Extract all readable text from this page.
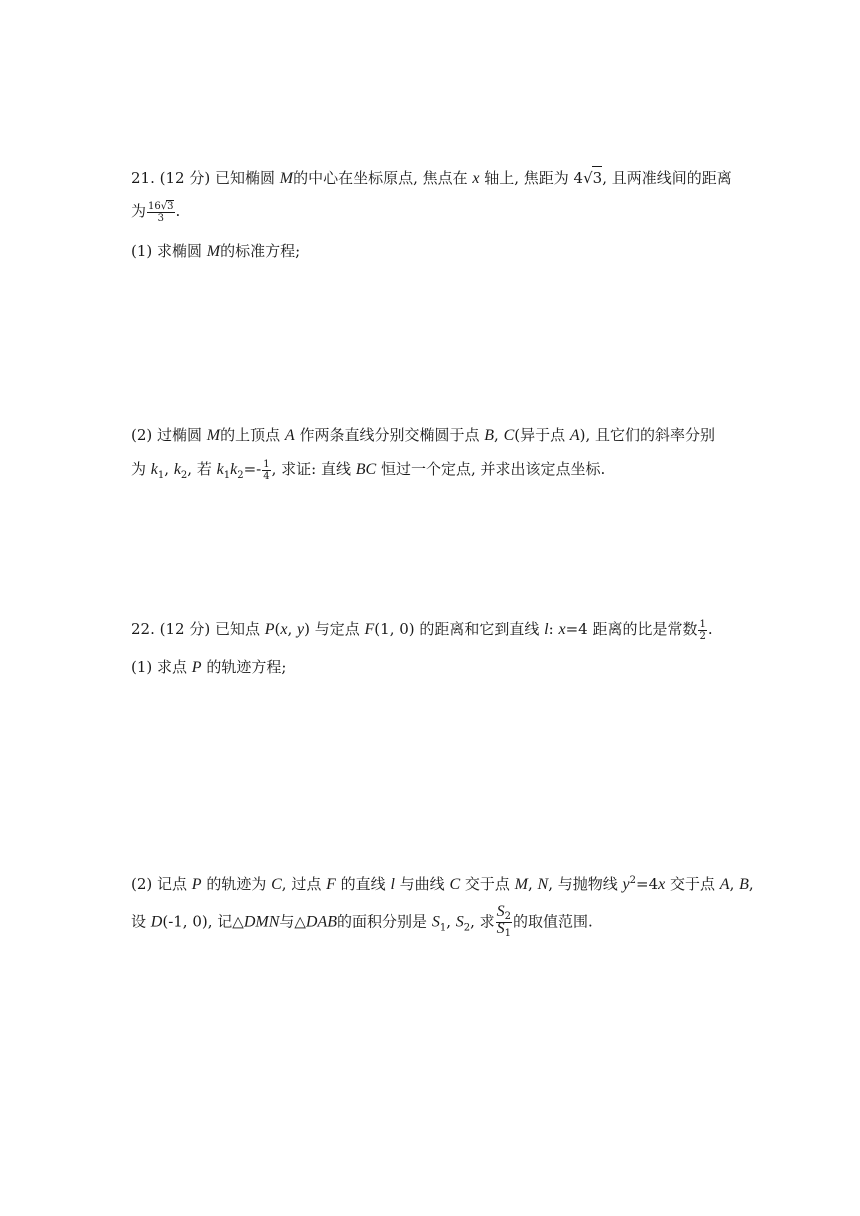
21. (12 分) 已知椭圆 M的中心在坐标原点, 焦点在 x 轴上, 焦距为 4√3, 且两准线间的距离
为 $\frac{16√3}{3}$ .
(1) 求椭圆 M的标准方程;
(2) 过椭圆 M的上顶点 A 作两条直线分别交椭圆于点 B, C(异于点 A), 且它们的斜率分别
为 $k_1$, $k_2$, 若 $k_1k_2=- \frac{1}{4}$ , 求证: 直线 BC 恒过一个定点, 并求出该定点坐标.
22. (12 分) 已知点 P(x, y) 与定点 F(1, 0) 的距离和它到直线 l: x=4 距离的比是常数 $\frac{1}{2}$ .
(1) 求点 P 的轨迹方程;
(2) 记点 P 的轨迹为 C, 过点 F 的直线 l 与曲线 C 交于点 M, N, 与抛物线 $y^2=4x$ 交于点 A, B,
设 D(-1, 0), 记△DMN与△DAB的面积分别是 $S_1$, $S_2$, 求 $\frac{S_2}{S_1}$ 的取值范围.
